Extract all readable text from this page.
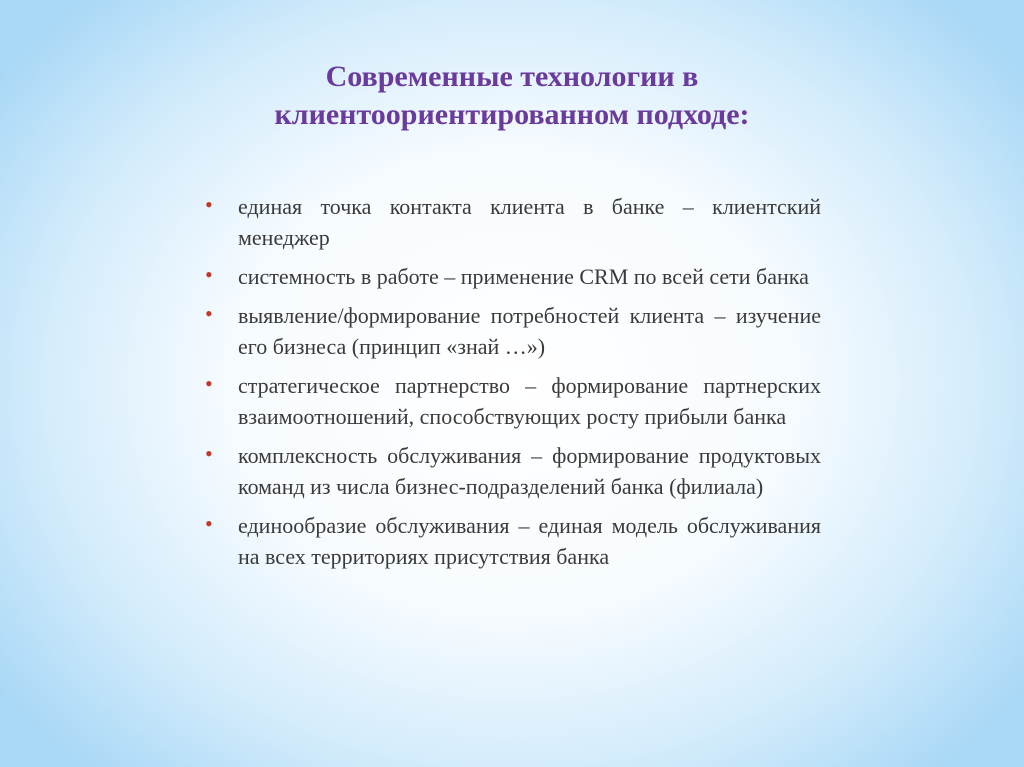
Современные технологии в клиентоориентированном подходе:
• единая точка контакта клиента в банке – клиентский менеджер
• системность в работе – применение CRM по всей сети банка
• выявление/формирование потребностей клиента – изучение его бизнеса (принцип «знай …»)
• стратегическое партнерство – формирование партнерских взаимоотношений, способствующих росту прибыли банка
• комплексность обслуживания – формирование продуктовых команд из числа бизнес-подразделений банка (филиала)
• единообразие обслуживания – единая модель обслуживания на всех территориях присутствия банка
